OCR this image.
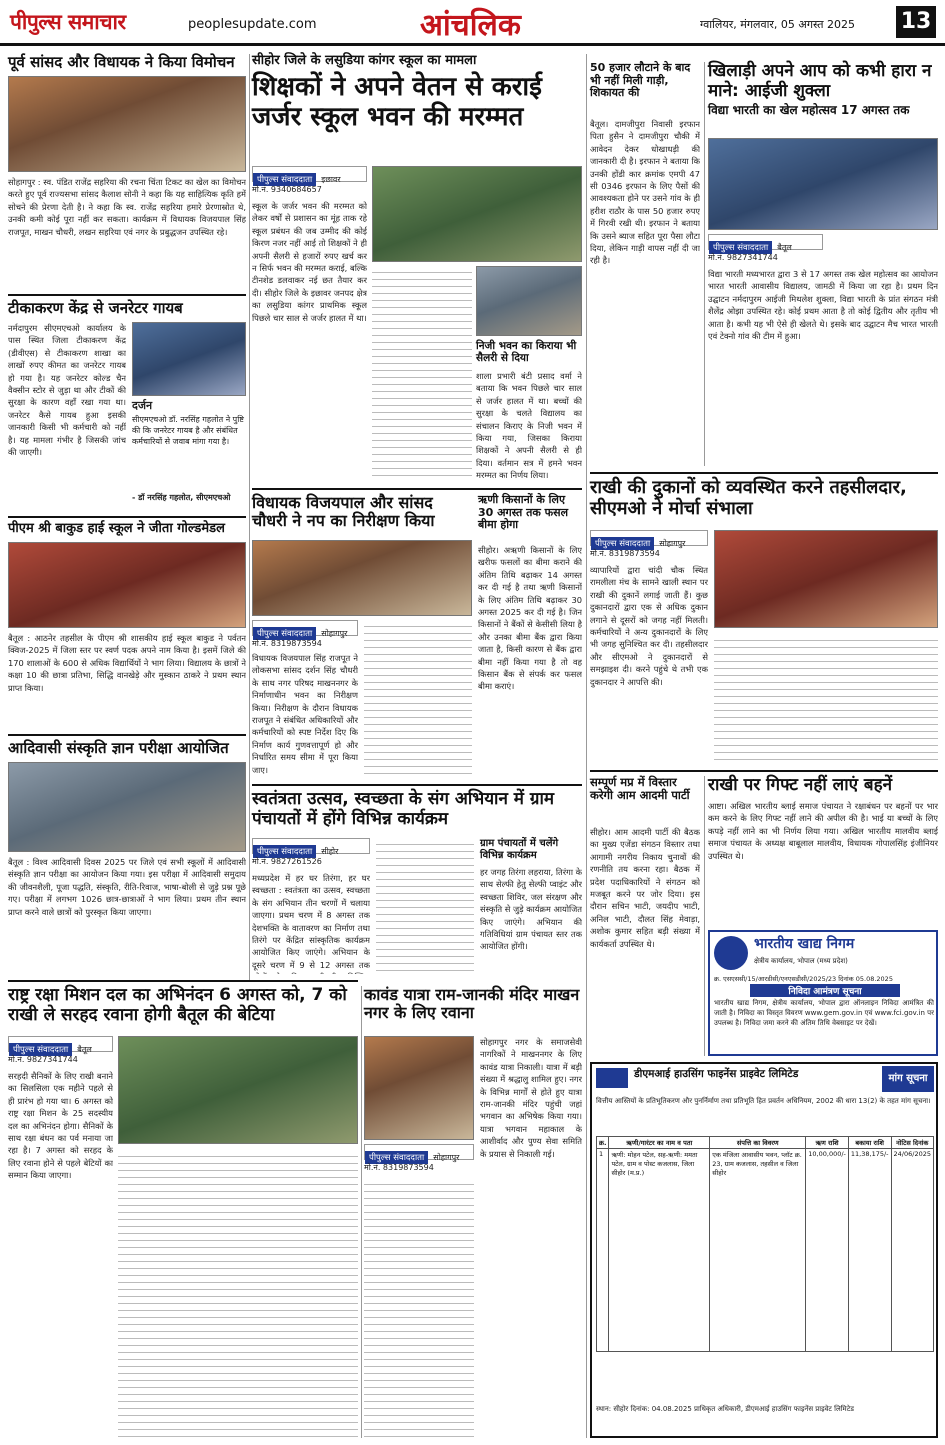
पीपुल्स समाचार	peoplesupdate.com	आंचलिक	ग्वालियर, मंगलवार, 05 अगस्त 2025 13
पूर्व सांसद और विधायक ने किया विमोचन
सोहागपुर : स्व. पंडित राजेंद्र सहरिया की रचना चिंता टिकट का खेल का विमोचन करते हुए पूर्व राज्यसभा सांसद कैलाश सोनी ने कहा कि यह साहित्यिक कृति हमें सोचने की प्रेरणा देती है। ने कहा कि स्व. राजेंद्र सहरिया हमारे प्रेरणास्रोत थे, उनकी कमी कोई पूरा नहीं कर सकता। कार्यक्रम में विधायक विजयपाल सिंह राजपूत, माखन चौधरी, लखन सहरिया एवं नगर के प्रबुद्धजन उपस्थित रहे।
टीकाकरण केंद्र से जनरेटर गायब
नर्मदापुरम सीएमएचओ कार्यालय के पास स्थित जिला टीकाकरण केंद्र (डीवीएस) से टीकाकरण शाखा का लाखों रुपए कीमत का जनरेटर गायब हो गया है। यह जनरेटर कोल्ड चैन वैक्सीन स्टोर से जुड़ा था और टीकों की सुरक्षा के कारण वहाँ रखा गया था। जनरेटर कैसे गायब हुआ इसकी जानकारी किसी भी कर्मचारी को नहीं है। यह मामला गंभीर है जिसकी जांच की जाएगी।
दर्जन
सीएमएचओ डॉ. नरसिंह गहलोत ने पुष्टि की कि जनरेटर गायब है और संबंधित कर्मचारियों से जवाब मांगा गया है।
- डॉ नरसिंह गहलोत, सीएमएचओ
पीएम श्री बाकुड हाई स्कूल ने जीता गोल्डमेडल
बैतूल : आठनेर तहसील के पीएम श्री शासकीय हाई स्कूल बाकुड ने पर्वतन क्विज-2025 में जिला स्तर पर स्वर्ण पदक अपने नाम किया है। इसमें जिले की 170 शालाओं के 600 से अधिक विद्यार्थियों ने भाग लिया। विद्यालय के छात्रों ने कक्षा 10 की छात्रा प्रतिभा, सिद्धि वानखेड़े और मुस्कान ठाकरे ने प्रथम स्थान प्राप्त किया।
आदिवासी संस्कृति ज्ञान परीक्षा आयोजित
बैतूल : विश्व आदिवासी दिवस 2025 पर जिले एवं सभी स्कूलों में आदिवासी संस्कृति ज्ञान परीक्षा का आयोजन किया गया। इस परीक्षा में आदिवासी समुदाय की जीवनशैली, पूजा पद्धति, संस्कृति, रीति-रिवाज, भाषा-बोली से जुड़े प्रश्न पूछे गए। परीक्षा में लगभग 1026 छात्र-छात्राओं ने भाग लिया। प्रथम तीन स्थान प्राप्त करने वाले छात्रों को पुरस्कृत किया जाएगा।
राष्ट्र रक्षा मिशन दल का अभिनंदन 6 अगस्त को, 7 को राखी ले सरहद रवाना होगी बैतूल की बेटिया
पीपुल्स संवाददाता बैतूल
मो.नं. 9827341744
सरहदी सैनिकों के लिए राखी बनाने का सिलसिला एक महीने पहले से ही प्रारंभ हो गया था। 6 अगस्त को राष्ट्र रक्षा मिशन के 25 सदस्यीय दल का अभिनंदन होगा। सैनिकों के साथ रक्षा बंधन का पर्व मनाया जा रहा है। 7 अगस्त को सरहद के लिए रवाना होने से पहले बेटियों का सम्मान किया जाएगा।
सीहोर जिले के लसुडिया कांगर स्कूल का मामला
शिक्षकों ने अपने वेतन से कराई जर्जर स्कूल भवन की मरम्मत
पीपुल्स संवाददाता इछावर
मो.नं. 9340684657
स्कूल के जर्जर भवन की मरम्मत को लेकर वर्षों से प्रशासन का मूंह ताक रहे स्कूल प्रबंधन की जब उम्मीद की कोई किरण नजर नहीं आई तो शिक्षकों ने ही अपनी सैलरी से हजारों रुपए खर्च कर न सिर्फ भवन की मरम्मत कराई, बल्कि टीनशेड डलवाकर नई छत तैयार कर दी। सीहोर जिले के इछावर जनपद क्षेत्र का लसुडिया कांगर प्राथमिक स्कूल पिछले चार साल से जर्जर हालत में था।
निजी भवन का किराया भी सैलरी से दिया
शाला प्रभारी बंटी प्रसाद वर्मा ने बताया कि भवन पिछले चार साल से जर्जर हालत में था। बच्चों की सुरक्षा के चलते विद्यालय का संचालन किराए के निजी भवन में किया गया, जिसका किराया शिक्षकों ने अपनी सैलरी से ही दिया। वर्तमान सत्र में हमने भवन मरम्मत का निर्णय लिया।
विधायक विजयपाल और सांसद चौधरी ने नप का निरीक्षण किया
पीपुल्स संवाददाता सोहागपुर
मो.नं. 8319873594
विधायक विजयपाल सिंह राजपूत ने लोकसभा सांसद दर्शन सिंह चौधरी के साथ नगर परिषद माखननगर के निर्माणाधीन भवन का निरीक्षण किया। निरीक्षण के दौरान विधायक राजपूत ने संबंधित अधिकारियों और कर्मचारियों को स्पष्ट निर्देश दिए कि निर्माण कार्य गुणवत्तापूर्ण हो और निर्धारित समय सीमा में पूरा किया जाए।
ऋणी किसानों के लिए 30 अगस्त तक फसल बीमा होगा
सीहोर। अऋणी किसानों के लिए खरीफ फसलों का बीमा कराने की अंतिम तिथि बढ़ाकर 14 अगस्त कर दी गई है तथा ऋणी किसानों के लिए अंतिम तिथि बढ़ाकर 30 अगस्त 2025 कर दी गई है। जिन किसानों ने बैंकों से केसीसी लिया है और उनका बीमा बैंक द्वारा किया जाता है, किसी कारण से बैंक द्वारा बीमा नहीं किया गया है तो वह किसान बैंक से संपर्क कर फसल बीमा कराएं।
स्वतंत्रता उत्सव, स्वच्छता के संग अभियान में ग्राम पंचायतों में होंगे विभिन्न कार्यक्रम
पीपुल्स संवाददाता सीहोर
मो.नं. 9827261526
मध्यप्रदेश में हर घर तिरंगा, हर घर स्वच्छता : स्वतंत्रता का उत्सव, स्वच्छता के संग अभियान तीन चरणों में चलाया जाएगा। प्रथम चरण में 8 अगस्त तक देशभक्ति के वातावरण का निर्माण तथा तिरंगे पर केंद्रित सांस्कृतिक कार्यक्रम आयोजित किए जाएंगे। अभियान के दूसरे चरण में 9 से 12 अगस्त तक
ग्राम पंचायतों में चलेंगे विभिन्न कार्यक्रम
हर जगह तिरंगा लहराया, तिरंगा के साथ सेल्फी हेतु सेल्फी प्वाइंट और स्वच्छता शिविर, जल संरक्षण और संस्कृति से जुड़े कार्यक्रम आयोजित किए जाएंगे। अभियान की गतिविधियां ग्राम पंचायत स्तर तक आयोजित होंगी।
कावंड यात्रा राम-जानकी मंदिर माखन नगर के लिए रवाना
पीपुल्स संवाददाता सोहागपुर
मो.नं. 8319873594
सोहागपुर नगर के समाजसेवी नागरिकों ने माखननगर के लिए कावंड यात्रा निकाली। यात्रा में बड़ी संख्या में श्रद्धालु शामिल हुए। नगर के विभिन्न मार्गों से होते हुए यात्रा राम-जानकी मंदिर पहुंची जहां भगवान का अभिषेक किया गया। यात्रा भगवान महाकाल के आशीर्वाद और पुण्य सेवा समिति के प्रयास से निकाली गई।
50 हजार लौटाने के बाद भी नहीं मिली गाड़ी, शिकायत की
बैतूल। दामजीपुरा निवासी इरफान पिता हुसैन ने दामजीपुरा चौकी में आवेदन देकर धोखाधड़ी की जानकारी दी है। इरफान ने बताया कि उनकी होंडी कार क्रमांक एमपी 47 सी 0346 इरफान के लिए पैसों की आवश्यकता होने पर उसने गांव के ही हरीश राठौर के पास 50 हजार रुपए में गिरवी रखी थी। इरफान ने बताया कि उसने ब्याज सहित पूरा पैसा लौटा दिया, लेकिन गाड़ी वापस नहीं दी जा रही है।
खिलाड़ी अपने आप को कभी हारा न माने: आईजी शुक्ला
विद्या भारती का खेल महोत्सव 17 अगस्त तक
पीपुल्स संवाददाता बैतूल
मो.नं. 9827341744
विद्या भारती मध्यभारत द्वारा 3 से 17 अगस्त तक खेल महोत्सव का आयोजन भारत भारती आवासीय विद्यालय, जामठी में किया जा रहा है। प्रथम दिन उद्घाटन नर्मदापुरम आईजी मिथलेश शुक्ला, विद्या भारती के प्रांत संगठन मंत्री शैलेंद्र ओझा उपस्थित रहे। कोई प्रथम आता है तो कोई द्वितीय और तृतीय भी आता है। कभी यह भी ऐसे ही खेलते थे। इसके बाद उद्घाटन मैच भारत भारती एवं टेक्नो गांव की टीम में हुआ।
राखी की दुकानों को व्यवस्थित करने तहसीलदार, सीएमओ ने मोर्चा संभाला
पीपुल्स संवाददाता सोहागपुर
मो.नं. 8319873594
व्यापारियों द्वारा चांदी चौक स्थित रामलीला मंच के सामने खाली स्थान पर राखी की दुकानें लगाई जाती हैं। कुछ दुकानदारों द्वारा एक से अधिक दुकान लगाने से दूसरों को जगह नहीं मिलती। कर्मचारियों ने अन्य दुकानदारों के लिए भी जगह सुनिश्चित कर दी। तहसीलदार और सीएमओ ने दुकानदारों से समझाइश दी। करने पहुंचे थे तभी एक दुकानदार ने आपत्ति की।
सम्पूर्ण मप्र में विस्तार करेगी आम आदमी पार्टी
सीहोर। आम आदमी पार्टी की बैठक का मुख्य एजेंडा संगठन विस्तार तथा आगामी नगरीय निकाय चुनावों की रणनीति तय करना रहा। बैठक में प्रदेश पदाधिकारियों ने संगठन को मजबूत करने पर जोर दिया। इस दौरान सचिन भाटी, जयदीप भाटी, अनिल भाटी, दौलत सिंह मेवाड़ा, अशोक कुमार सहित बड़ी संख्या में कार्यकर्ता उपस्थित थे।
राखी पर गिफ्ट नहीं लाएं बहनें
आष्टा। अखिल भारतीय ब्लाई समाज पंचायत ने रक्षाबंधन पर बहनों पर भार कम करने के लिए गिफ्ट नहीं लाने की अपील की है। भाई या बच्चों के लिए कपड़े नहीं लाने का भी निर्णय लिया गया। अखिल भारतीय मालवीय ब्लाई समाज पंचायत के अध्यक्ष बाबूलाल मालवीय, विधायक गोपालसिंह इंजीनियर उपस्थित थे।
भारतीय खाद्य निगम
क्षेत्रीय कार्यालय, भोपाल (मध्य प्रदेश)
क्र. एसएससी/15/आरडीसी/एनएसडीसी/2025/23 दिनांक 05.08.2025
निविदा आमंत्रण सूचना
भारतीय खाद्य निगम, क्षेत्रीय कार्यालय, भोपाल द्वारा ऑनलाइन निविदा आमंत्रित की जाती है। निविदा का विस्तृत विवरण www.gem.gov.in एवं www.fci.gov.in पर उपलब्ध है। निविदा जमा करने की अंतिम तिथि वेबसाइट पर देखें।
डीएमआई हाउसिंग फाइनेंस प्राइवेट लिमिटेड	मांग सूचना
वित्तीय आस्तियों के प्रतिभूतिकरण और पुनर्निर्माण तथा प्रतिभूति हित प्रवर्तन अधिनियम, 2002 की धारा 13(2) के तहत मांग सूचना।
क्र.	ऋणी/गारंटर का नाम व पता	संपत्ति का विवरण	ऋण राशि	बकाया राशि	नोटिस दिनांक
1	ऋणी: मोहन पटेल, सह-ऋणी: ममता पटेल, ग्राम व पोस्ट कजलास, जिला सीहोर (म.प्र.)	एक मंजिला आवासीय भवन, प्लॉट क्र. 23, ग्राम कजलास, तहसील व जिला सीहोर	10,00,000/-	11,38,175/-	24/06/2025
स्थान: सीहोर दिनांक: 04.08.2025 प्राधिकृत अधिकारी, डीएमआई हाउसिंग फाइनेंस प्राइवेट लिमिटेड
